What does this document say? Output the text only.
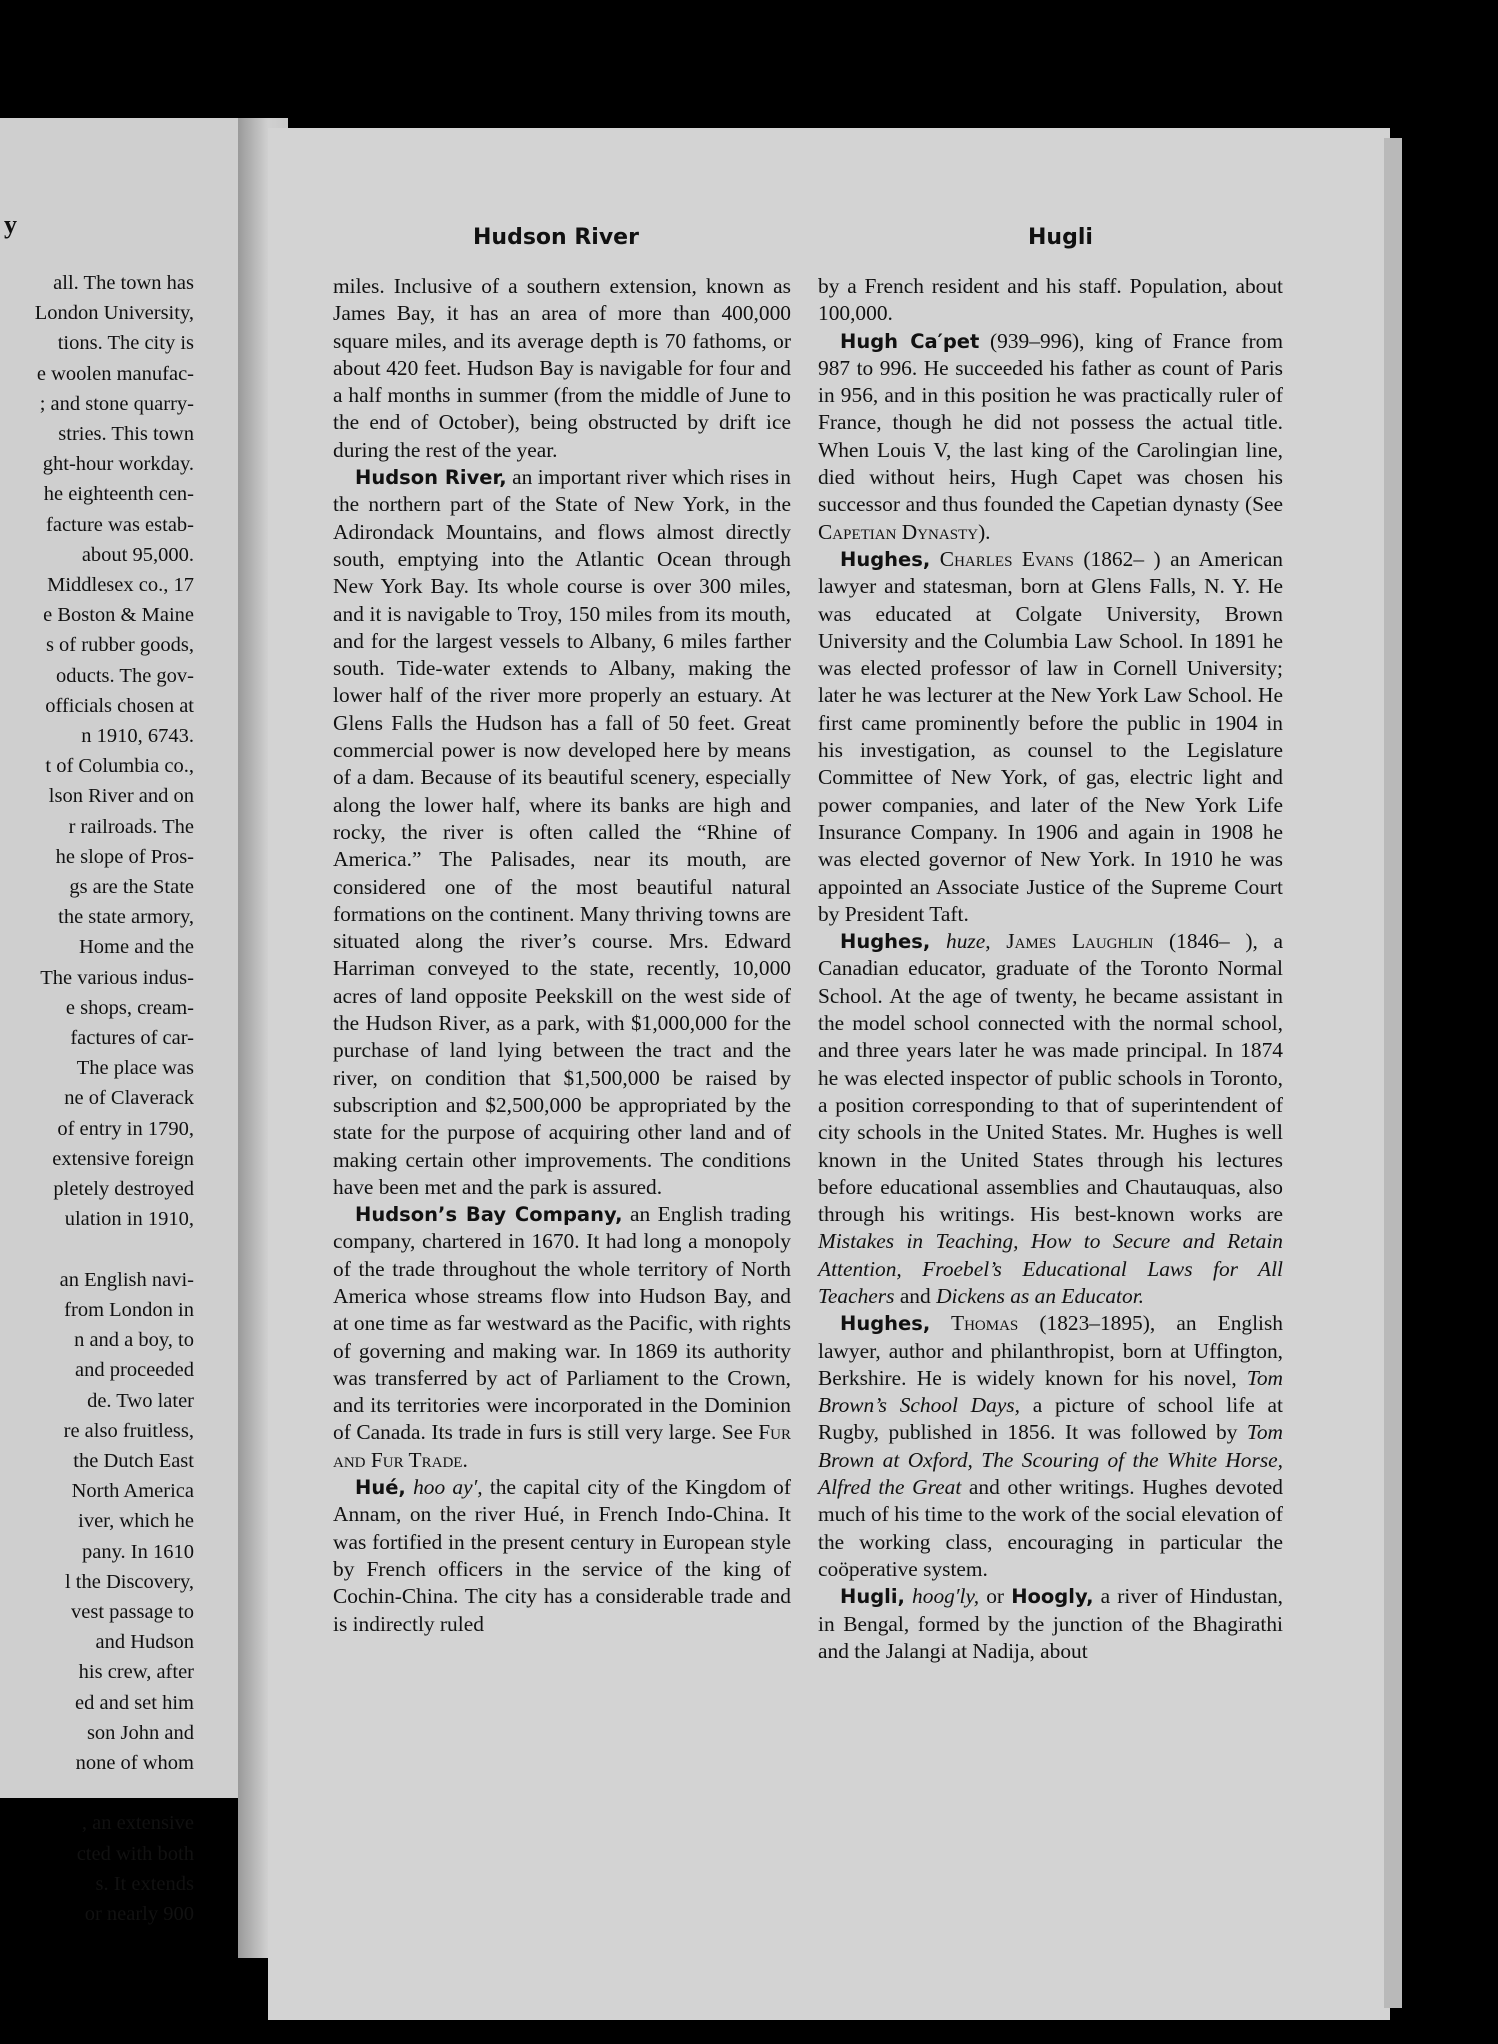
y
all. The town has
London University,
tions. The city is
e woolen manufac-
; and stone quarry-
stries. This town
ght-hour workday.
he eighteenth cen-
facture was estab-
about 95,000.
Middlesex co., 17
e Boston & Maine
s of rubber goods,
oducts. The gov-
officials chosen at
n 1910, 6743.
t of Columbia co.,
lson River and on
r railroads. The
he slope of Pros-
gs are the State
the state armory,
Home and the
The various indus-
e shops, cream-
factures of car-
The place was
ne of Claverack
of entry in 1790,
extensive foreign
pletely destroyed
ulation in 1910,

an English navi-
from London in
n and a boy, to
and proceeded
de. Two later
re also fruitless,
the Dutch East
North America
iver, which he
pany. In 1610
l the Discovery,
vest passage to
and Hudson
his crew, after
ed and set him
son John and
none of whom

, an extensive
cted with both
s. It extends
or nearly 900
Hudson River	Hugli

miles. Inclusive of a southern extension, known as James Bay, it has an area of more than 400,000 square miles, and its average depth is 70 fathoms, or about 420 feet. Hudson Bay is navigable for four and a half months in summer (from the middle of June to the end of October), being obstructed by drift ice during the rest of the year.

Hudson River, an important river which rises in the northern part of the State of New York, in the Adirondack Mountains, and flows almost directly south, emptying into the Atlantic Ocean through New York Bay. Its whole course is over 300 miles, and it is navigable to Troy, 150 miles from its mouth, and for the largest vessels to Albany, 6 miles farther south. Tide-water extends to Albany, making the lower half of the river more properly an estuary. At Glens Falls the Hudson has a fall of 50 feet. Great commercial power is now developed here by means of a dam. Because of its beautiful scenery, especially along the lower half, where its banks are high and rocky, the river is often called the “Rhine of America.” The Palisades, near its mouth, are considered one of the most beautiful natural formations on the continent. Many thriving towns are situated along the river’s course. Mrs. Edward Harriman conveyed to the state, recently, 10,000 acres of land opposite Peekskill on the west side of the Hudson River, as a park, with $1,000,000 for the purchase of land lying between the tract and the river, on condition that $1,500,000 be raised by subscription and $2,500,000 be appropriated by the state for the purpose of acquiring other land and of making certain other improvements. The conditions have been met and the park is assured.

Hudson’s Bay Company, an English trading company, chartered in 1670. It had long a monopoly of the trade throughout the whole territory of North America whose streams flow into Hudson Bay, and at one time as far westward as the Pacific, with rights of governing and making war. In 1869 its authority was transferred by act of Parliament to the Crown, and its territories were incorporated in the Dominion of Canada. Its trade in furs is still very large. See Fur and Fur Trade.

Hué, hoo ay′, the capital city of the Kingdom of Annam, on the river Hué, in French Indo-China. It was fortified in the present century in European style by French officers in the service of the king of Cochin-China. The city has a considerable trade and is indirectly ruled

by a French resident and his staff. Population, about 100,000.

Hugh Ca′pet (939–996), king of France from 987 to 996. He succeeded his father as count of Paris in 956, and in this position he was practically ruler of France, though he did not possess the actual title. When Louis V, the last king of the Carolingian line, died without heirs, Hugh Capet was chosen his successor and thus founded the Capetian dynasty (See Capetian Dynasty).

Hughes, Charles Evans (1862– ) an American lawyer and statesman, born at Glens Falls, N. Y. He was educated at Colgate University, Brown University and the Columbia Law School. In 1891 he was elected professor of law in Cornell University; later he was lecturer at the New York Law School. He first came prominently before the public in 1904 in his investigation, as counsel to the Legislature Committee of New York, of gas, electric light and power companies, and later of the New York Life Insurance Company. In 1906 and again in 1908 he was elected governor of New York. In 1910 he was appointed an Associate Justice of the Supreme Court by President Taft.

Hughes, huze, James Laughlin (1846– ), a Canadian educator, graduate of the Toronto Normal School. At the age of twenty, he became assistant in the model school connected with the normal school, and three years later he was made principal. In 1874 he was elected inspector of public schools in Toronto, a position corresponding to that of superintendent of city schools in the United States. Mr. Hughes is well known in the United States through his lectures before educational assemblies and Chautauquas, also through his writings. His best-known works are Mistakes in Teaching, How to Secure and Retain Attention, Froebel’s Educational Laws for All Teachers and Dickens as an Educator.

Hughes, Thomas (1823–1895), an English lawyer, author and philanthropist, born at Uffington, Berkshire. He is widely known for his novel, Tom Brown’s School Days, a picture of school life at Rugby, published in 1856. It was followed by Tom Brown at Oxford, The Scouring of the White Horse, Alfred the Great and other writings. Hughes devoted much of his time to the work of the social elevation of the working class, encouraging in particular the coöperative system.

Hugli, hoog′ly, or Hoogly, a river of Hindustan, in Bengal, formed by the junction of the Bhagirathi and the Jalangi at Nadija, about
